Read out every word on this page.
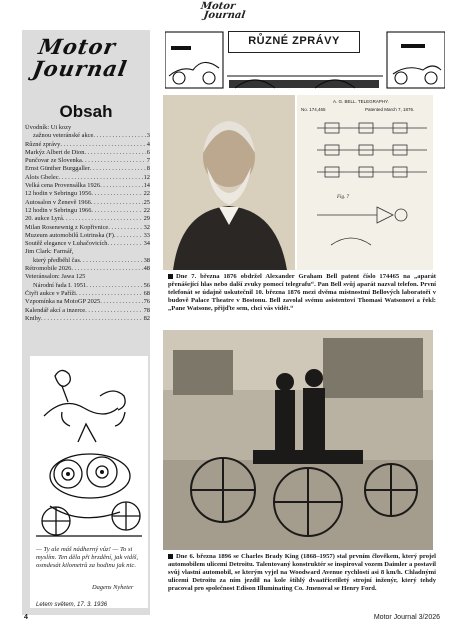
Motor
Journal
Motor
Journal
Obsah
Úvodník: Ui kozy
zažnou veteránské akce . . .	3
Různé zprávy . . .	4
Markýz Albert de Dion . . .	6
Punčovar ze Slovenka . . .	7
Ernst Günther Burggaller . . .	8
Alois Gbelec . . .	12
Velká cena Provensálka 1926 . . .	14
12 hodin v Sebringu 1956 . . .	22
Autosalon v Ženevě 1966 . . .	25
12 hodin v Sebringu 1966 . . .	22
20. aukce Lyrá . . .	29
Milan Rosenewnig z Kopřivnice . . .	32
Muzeum automobilů Lotrinska (F) . . .	33
Soutěž elegance v Luhačovicích . . .	34
Jim Clark: Farmář,
který předběhl čas . . .	38
Rétromobile 2026 . . .	48
Veteránsalon: Jawa 125
Národní řada I. 1951 . . .	56
Čtyři aukce v Paříži . . .	68
Vzpomínka na MotoGP 2025 . . .	76
Kalendář akcí a inzerce . . .	78
Knihy . . .	82
— Ty ale máš nádherný vůz! — To si myslím. Ten děla při brzdění, jak vidíš, osmdesát kilometrů za hodinu jak nic.
Dagens Nyheter
Letem světem, 17. 3. 1936
RŮZNÉ ZPRÁVY
A. G. BELL. TELEGRAPHY.
No. 174,465	Patented March 7, 1876.
Fig. 7
Dne 7. března 1876 obdržel Alexander Graham Bell patent číslo 174465 na „aparát přenášející hlas nebo další zvuky pomocí telegrafu“. Pan Bell svůj aparát nazval telefon. První telefonát se údajně uskutečnil 10. března 1876 mezi dvěma místnostmi Bellových laboratoří v budově Palace Theatre v Bostonu. Bell zavolal svému asistentovi Thomasi Watsonovi a řekl: „Pane Watsone, přijďte sem, chci vás vidět.“
Dne 6. března 1896 se Charles Brady King (1868–1957) stal prvním člověkem, který projel automobilem ulicemi Detroitu. Talentovaný konstruktér se inspiroval vozem Daimler a postavil svůj vlastní automobil, se kterým vyjel na Woodward Avenue rychlostí asi 8 km/h. Chladnými ulicemi Detroitu za ním jezdil na kole štíhlý dvaatřicetiletý strojní inženýr, který tehdy pracoval pro společnost Edison Illuminating Co. Jmenoval se Henry Ford.
4	Motor Journal 3/2026
